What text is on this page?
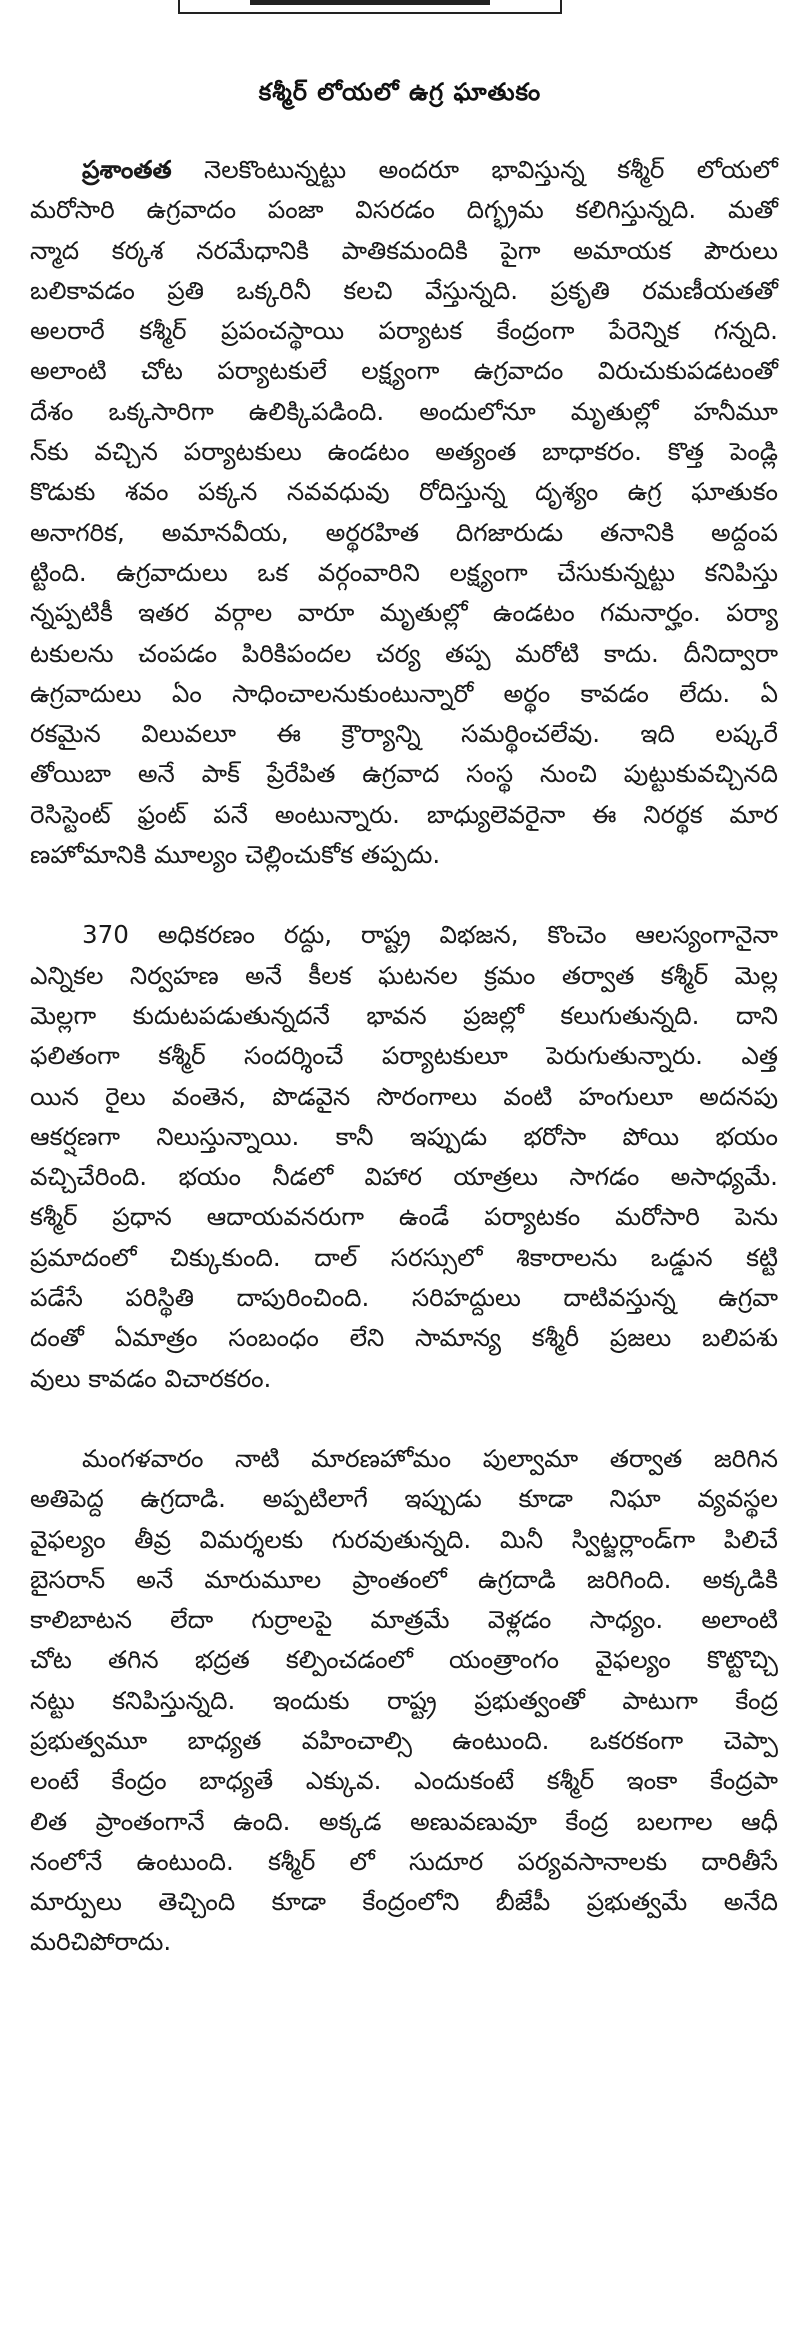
కశ్మీర్ లోయలో ఉగ్ర ఘాతుకం
ప్రశాంతత నెలకొంటున్నట్టు అందరూ భావిస్తున్న కశ్మీర్ లోయలో
మరోసారి ఉగ్రవాదం పంజా విసరడం దిగ్భ్రమ కలిగిస్తున్నది. మతో
న్మాద కర్కశ నరమేధానికి పాతికమందికి పైగా అమాయక పౌరులు
బలికావడం ప్రతి ఒక్కరినీ కలచి వేస్తున్నది. ప్రకృతి రమణీయతతో
అలరారే కశ్మీర్ ప్రపంచస్థాయి పర్యాటక కేంద్రంగా పేరెన్నిక గన్నది.
అలాంటి చోట పర్యాటకులే లక్ష్యంగా ఉగ్రవాదం విరుచుకుపడటంతో
దేశం ఒక్కసారిగా ఉలిక్కిపడింది. అందులోనూ మృతుల్లో హనీమూ
న్‌కు వచ్చిన పర్యాటకులు ఉండటం అత్యంత బాధాకరం. కొత్త పెండ్లి
కొడుకు శవం పక్కన నవవధువు రోదిస్తున్న దృశ్యం ఉగ్ర ఘాతుకం
అనాగరిక, అమానవీయ, అర్థరహిత దిగజారుడు తనానికి అద్దంప
ట్టింది. ఉగ్రవాదులు ఒక వర్గంవారిని లక్ష్యంగా చేసుకున్నట్టు కనిపిస్తు
న్నప్పటికీ ఇతర వర్గాల వారూ మృతుల్లో ఉండటం గమనార్హం. పర్యా
టకులను చంపడం పిరికిపందల చర్య తప్ప మరోటి కాదు. దీనిద్వారా
ఉగ్రవాదులు ఏం సాధించాలనుకుంటున్నారో అర్థం కావడం లేదు. ఏ
రకమైన విలువలూ ఈ క్రౌర్యాన్ని సమర్థించలేవు. ఇది లష్కరే
తోయిబా అనే పాక్ ప్రేరేపిత ఉగ్రవాద సంస్థ నుంచి పుట్టుకువచ్చినది
రెసిస్టెంట్ ఫ్రంట్ పనే అంటున్నారు. బాధ్యులెవరైనా ఈ నిరర్థక మార
ణహోమానికి మూల్యం చెల్లించుకోక తప్పదు.
370 అధికరణం రద్దు, రాష్ట్ర విభజన, కొంచెం ఆలస్యంగానైనా
ఎన్నికల నిర్వహణ అనే కీలక ఘటనల క్రమం తర్వాత కశ్మీర్ మెల్ల
మెల్లగా కుదుటపడుతున్నదనే భావన ప్రజల్లో కలుగుతున్నది. దాని
ఫలితంగా కశ్మీర్ సందర్శించే పర్యాటకులూ పెరుగుతున్నారు. ఎత్త
యిన రైలు వంతెన, పొడవైన సొరంగాలు వంటి హంగులూ అదనపు
ఆకర్షణగా నిలుస్తున్నాయి. కానీ ఇప్పుడు భరోసా పోయి భయం
వచ్చిచేరింది. భయం నీడలో విహార యాత్రలు సాగడం అసాధ్యమే.
కశ్మీర్ ప్రధాన ఆదాయవనరుగా ఉండే పర్యాటకం మరోసారి పెను
ప్రమాదంలో చిక్కుకుంది. దాల్ సరస్సులో శికారాలను ఒడ్డున కట్టి
పడేసే పరిస్థితి దాపురించింది. సరిహద్దులు దాటివస్తున్న ఉగ్రవా
దంతో ఏమాత్రం సంబంధం లేని సామాన్య కశ్మీరీ ప్రజలు బలిపశు
వులు కావడం విచారకరం.
మంగళవారం నాటి మారణహోమం పుల్వామా తర్వాత జరిగిన
అతిపెద్ద ఉగ్రదాడి. అప్పటిలాగే ఇప్పుడు కూడా నిఘా వ్యవస్థల
వైఫల్యం తీవ్ర విమర్శలకు గురవుతున్నది. మినీ స్విట్జర్లాండ్‌గా పిలిచే
బైసరాన్ అనే మారుమూల ప్రాంతంలో ఉగ్రదాడి జరిగింది. అక్కడికి
కాలిబాటన లేదా గుర్రాలపై మాత్రమే వెళ్లడం సాధ్యం. అలాంటి
చోట తగిన భద్రత కల్పించడంలో యంత్రాంగం వైఫల్యం కొట్టొచ్చి
నట్టు కనిపిస్తున్నది. ఇందుకు రాష్ట్ర ప్రభుత్వంతో పాటుగా కేంద్ర
ప్రభుత్వమూ బాధ్యత వహించాల్సి ఉంటుంది. ఒకరకంగా చెప్పా
లంటే కేంద్రం బాధ్యతే ఎక్కువ. ఎందుకంటే కశ్మీర్ ఇంకా కేంద్రపా
లిత ప్రాంతంగానే ఉంది. అక్కడ అణువణువూ కేంద్ర బలగాల ఆధీ
నంలోనే ఉంటుంది. కశ్మీర్ లో సుదూర పర్యవసానాలకు దారితీసే
మార్పులు తెచ్చింది కూడా కేంద్రంలోని బీజేపీ ప్రభుత్వమే అనేది
మరిచిపోరాదు.
